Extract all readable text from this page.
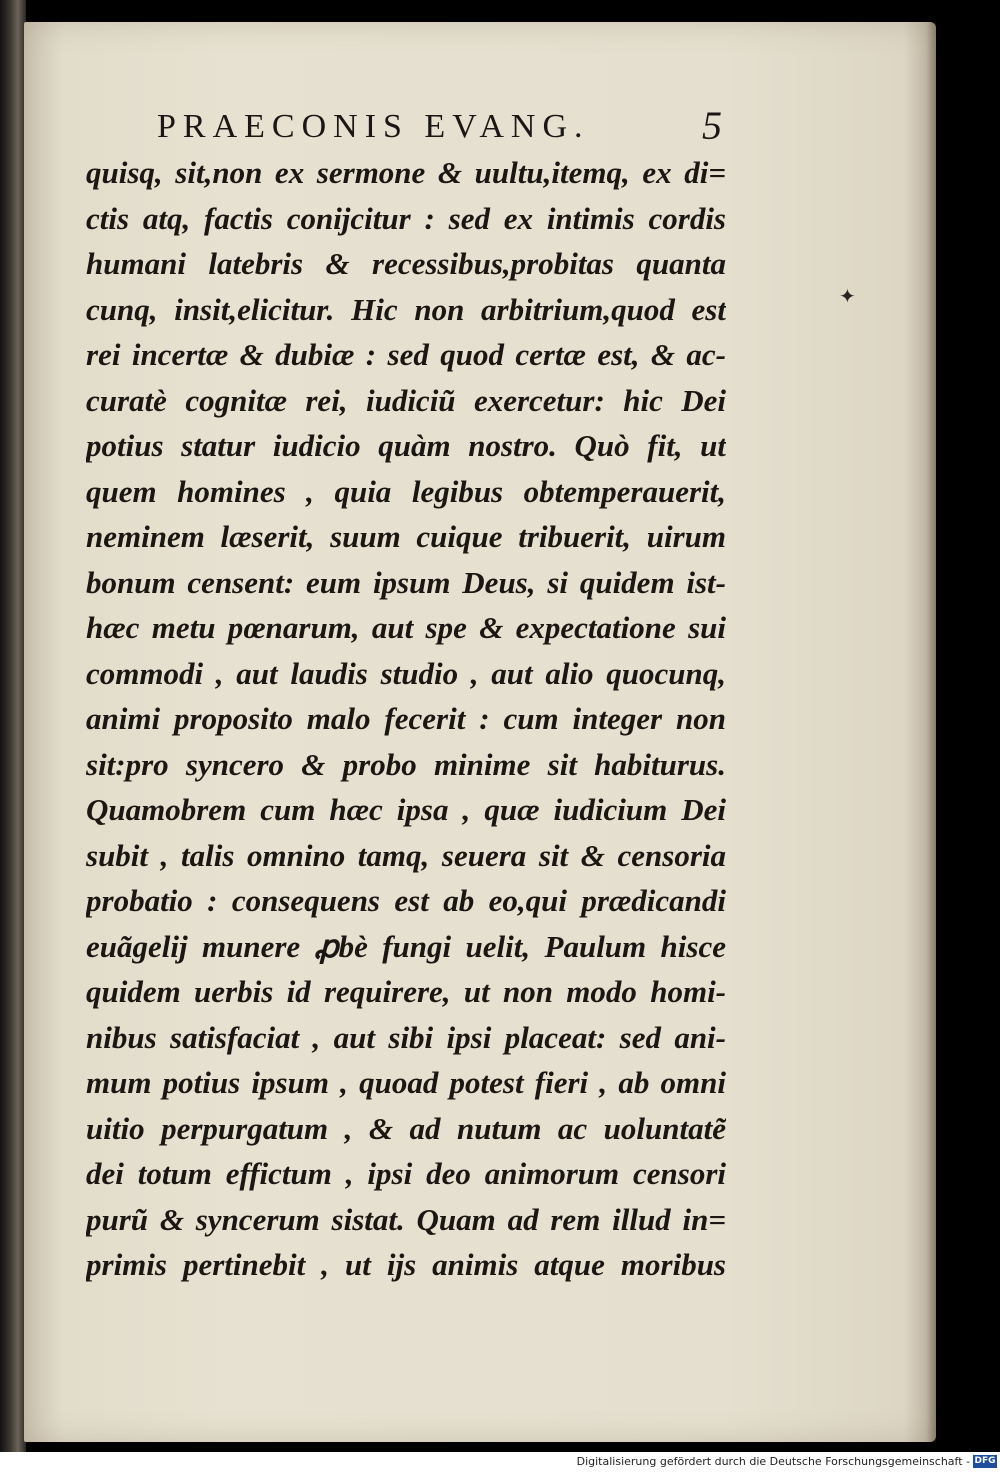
PRAECONIS EVANG.	5
quisq, sit,non ex sermone & uultu,itemq, ex di=
ctis atq, factis conijcitur : sed ex intimis cordis
humani latebris & recessibus,probitas quanta
cunq, insit,elicitur. Hic non arbitrium,quod est
rei incertæ & dubiæ : sed quod certæ est, & ac-
curatè cognitæ rei, iudiciũ exercetur: hic Dei
potius statur iudicio quàm nostro. Quò fit, ut
quem homines , quia legibus obtemperauerit,
neminem læserit, suum cuique tribuerit, uirum
bonum censent: eum ipsum Deus, si quidem ist-
hæc metu pœnarum, aut spe & expectatione sui
commodi , aut laudis studio , aut alio quocunq,
animi proposito malo fecerit : cum integer non
sit:pro syncero & probo minime sit habiturus.
Quamobrem cum hæc ipsa , quæ iudicium Dei
subit , talis omnino tamq, seuera sit & censoria
probatio : consequens est ab eo,qui prædicandi
euãgelij munere ꝓbè fungi uelit, Paulum hisce
quidem uerbis id requirere, ut non modo homi-
nibus satisfaciat , aut sibi ipsi placeat: sed ani-
mum potius ipsum , quoad potest fieri , ab omni
uitio perpurgatum , & ad nutum ac uoluntatẽ
dei totum effictum , ipsi deo animorum censori
purũ & syncerum sistat. Quam ad rem illud in=
primis pertinebit , ut ijs animis atque moribus
✦
Digitalisierung gefördert durch die Deutsche Forschungsgemeinschaft - DFG
